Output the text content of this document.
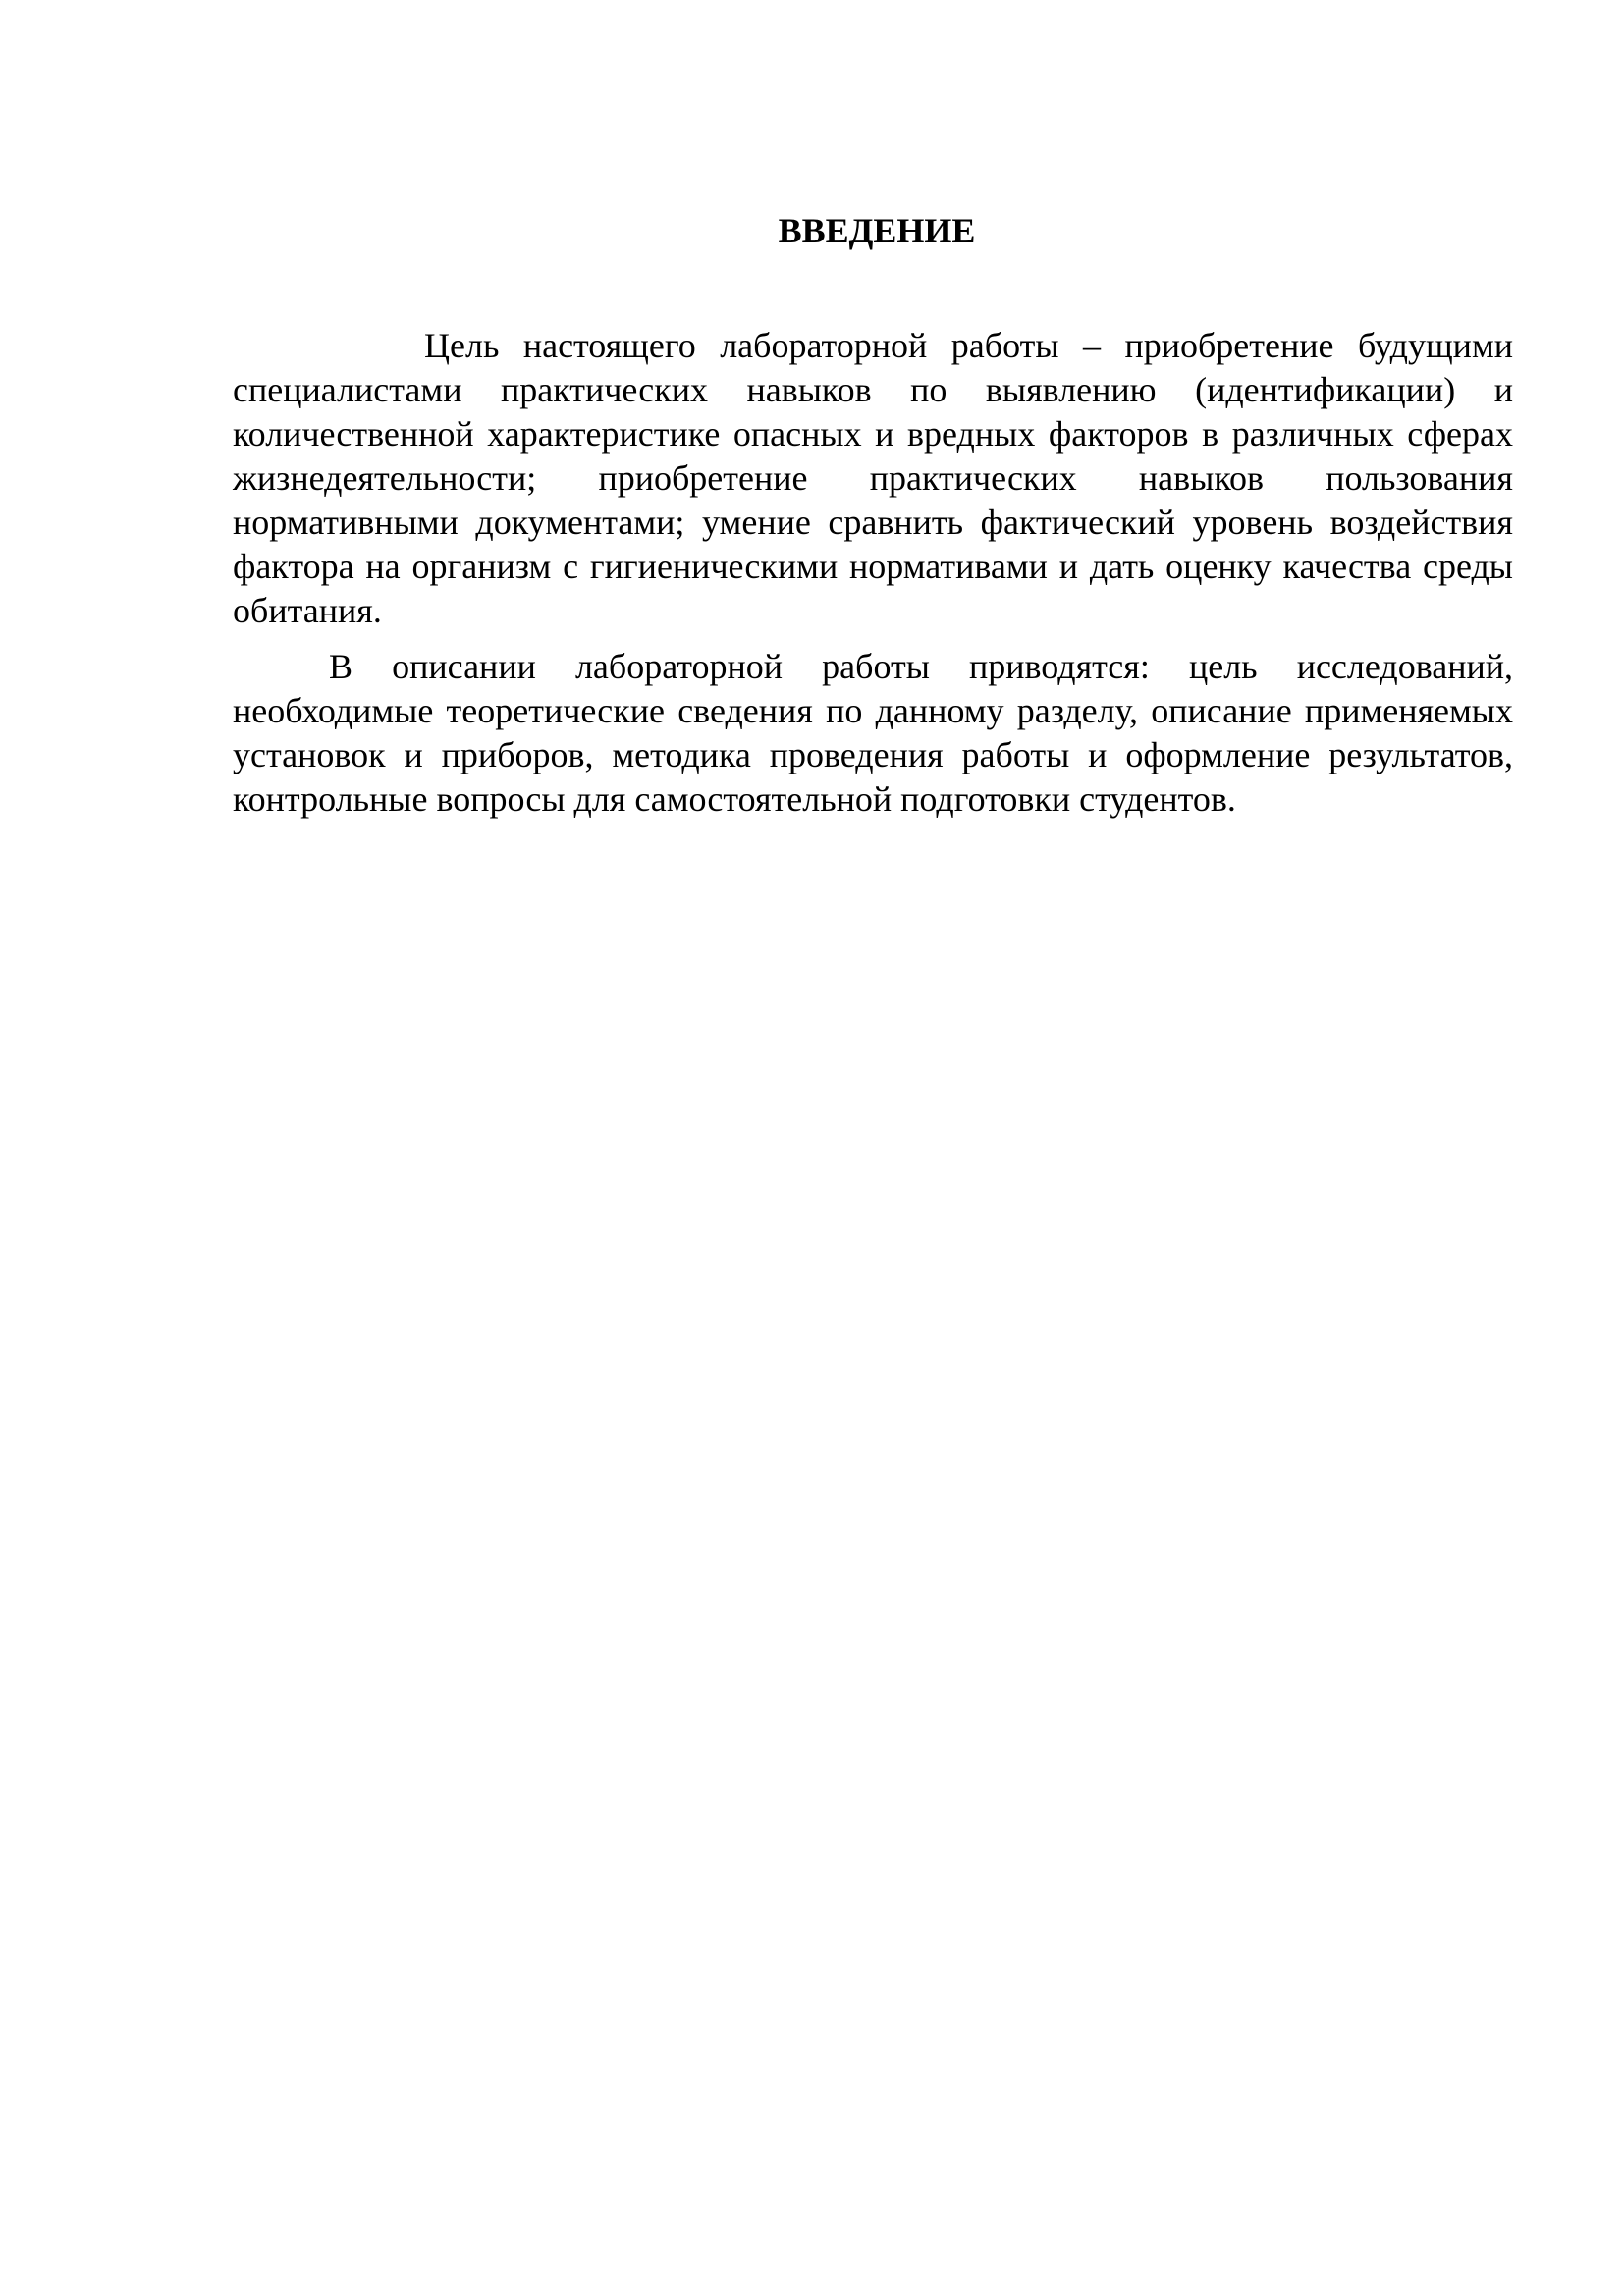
ВВЕДЕНИЕ

Цель настоящего лабораторной работы – приобретение будущими специалистами практических навыков по выявлению (идентификации) и количественной характеристике опасных и вредных факторов в различных сферах жизнедеятельности; приобретение практических навыков пользования нормативными документами; умение сравнить фактический уровень воздействия фактора на организм с гигиеническими нормативами и дать оценку качества среды обитания.

В описании лабораторной работы приводятся: цель исследований, необходимые теоретические сведения по данному разделу, описание применяемых установок и приборов, методика проведения работы и оформление результатов, контрольные вопросы для самостоятельной подготовки студентов.
